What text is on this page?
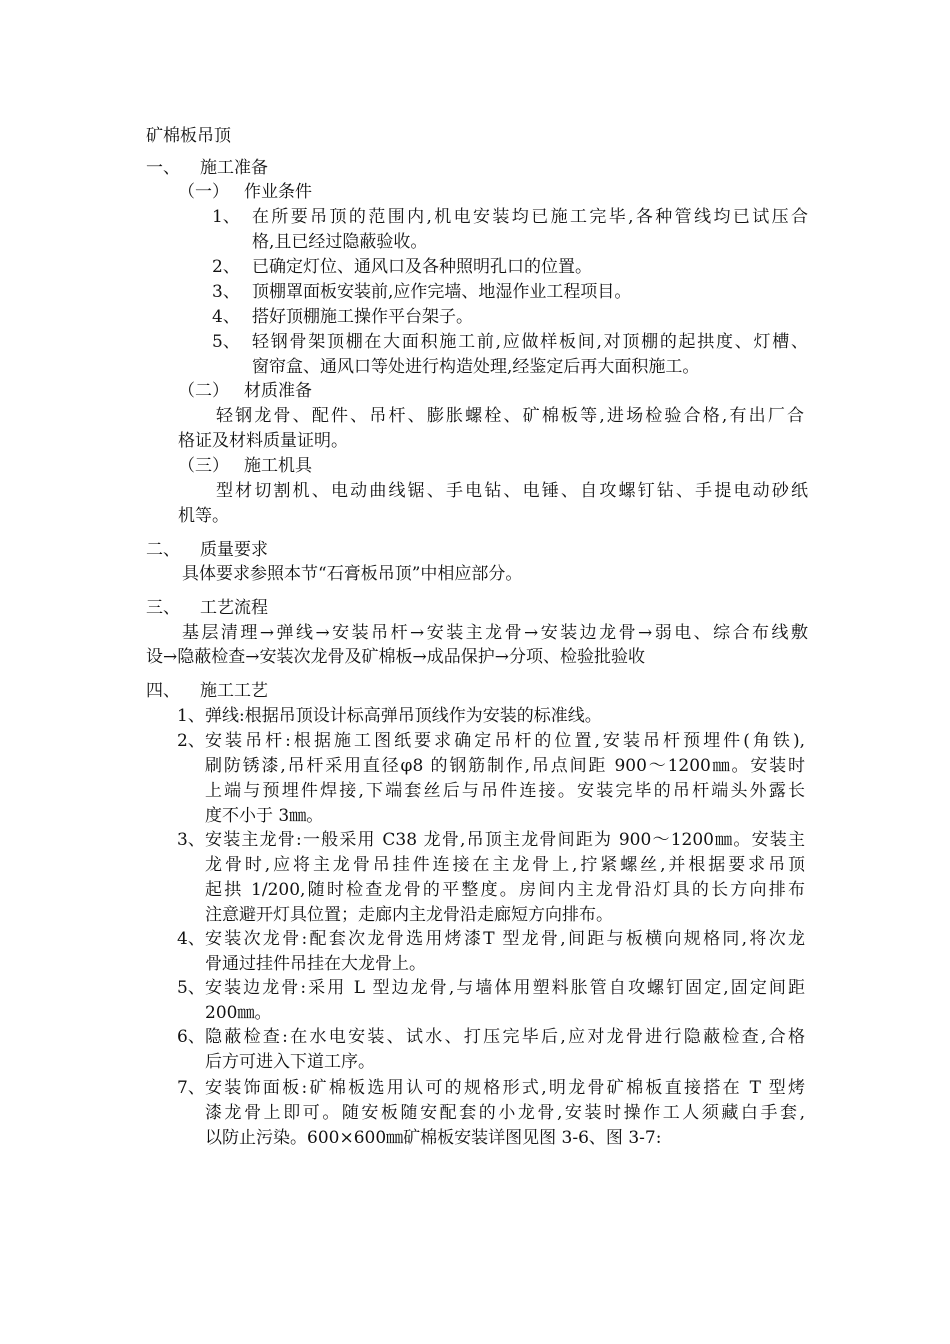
矿棉板吊顶
一、 施工准备
（一） 作业条件
1、 在所要吊顶的范围内,机电安装均已施工完毕,各种管线均已试压合
格,且已经过隐蔽验收。
2、 已确定灯位、通风口及各种照明孔口的位置。
3、 顶棚罩面板安装前,应作完墙、地湿作业工程项目。
4、 搭好顶棚施工操作平台架子。
5、 轻钢骨架顶棚在大面积施工前,应做样板间,对顶棚的起拱度、灯槽、
窗帘盒、通风口等处进行构造处理,经鉴定后再大面积施工。
（二） 材质准备
轻钢龙骨、配件、吊杆、膨胀螺栓、矿棉板等,进场检验合格,有出厂合
格证及材料质量证明。
（三） 施工机具
型材切割机、电动曲线锯、手电钻、电锤、自攻螺钉钻、手提电动砂纸
机等。
二、 质量要求
具体要求参照本节“石膏板吊顶”中相应部分。
三、 工艺流程
基层清理→弹线→安装吊杆→安装主龙骨→安装边龙骨→弱电、综合布线敷
设→隐蔽检查→安装次龙骨及矿棉板→成品保护→分项、检验批验收
四、 施工工艺
1、 弹线:根据吊顶设计标高弹吊顶线作为安装的标准线。
2、 安装吊杆:根据施工图纸要求确定吊杆的位置,安装吊杆预埋件(角铁),
刷防锈漆,吊杆采用直径φ8 的钢筋制作,吊点间距 900～1200㎜。安装时
上端与预埋件焊接,下端套丝后与吊件连接。安装完毕的吊杆端头外露长
度不小于 3㎜。
3、 安装主龙骨:一般采用 C38 龙骨,吊顶主龙骨间距为 900～1200㎜。安装主
龙骨时,应将主龙骨吊挂件连接在主龙骨上,拧紧螺丝,并根据要求吊顶
起拱 1/200,随时检查龙骨的平整度。房间内主龙骨沿灯具的长方向排布
注意避开灯具位置；走廊内主龙骨沿走廊短方向排布。
4、 安装次龙骨:配套次龙骨选用烤漆T 型龙骨,间距与板横向规格同,将次龙
骨通过挂件吊挂在大龙骨上。
5、 安装边龙骨:采用 L 型边龙骨,与墙体用塑料胀管自攻螺钉固定,固定间距
200㎜。
6、 隐蔽检查:在水电安装、试水、打压完毕后,应对龙骨进行隐蔽检查,合格
后方可进入下道工序。
7、 安装饰面板:矿棉板选用认可的规格形式,明龙骨矿棉板直接搭在 T 型烤
漆龙骨上即可。随安板随安配套的小龙骨,安装时操作工人须藏白手套,
以防止污染。600×600㎜矿棉板安装详图见图 3-6、图 3-7:
